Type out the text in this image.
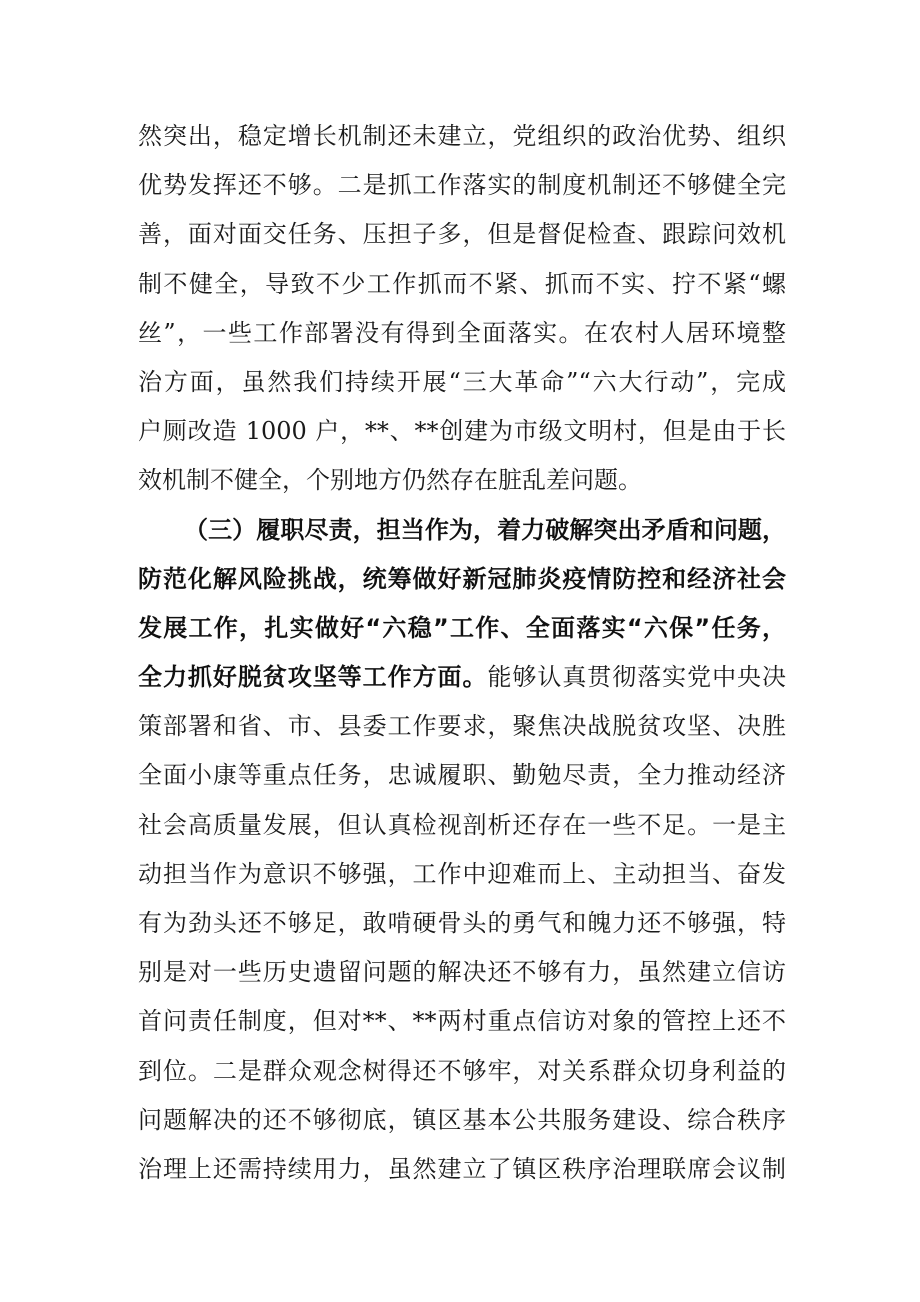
然突出，稳定增长机制还未建立，党组织的政治优势、组织
优势发挥还不够。二是抓工作落实的制度机制还不够健全完
善，面对面交任务、压担子多，但是督促检查、跟踪问效机
制不健全，导致不少工作抓而不紧、抓而不实、拧不紧“螺
丝”，一些工作部署没有得到全面落实。在农村人居环境整
治方面，虽然我们持续开展“三大革命”“六大行动”，完成
户厕改造 1000 户，**、**创建为市级文明村，但是由于长
效机制不健全，个别地方仍然存在脏乱差问题。
（三）履职尽责，担当作为，着力破解突出矛盾和问题，
防范化解风险挑战，统筹做好新冠肺炎疫情防控和经济社会
发展工作，扎实做好“六稳”工作、全面落实“六保”任务，
全力抓好脱贫攻坚等工作方面。能够认真贯彻落实党中央决
策部署和省、市、县委工作要求，聚焦决战脱贫攻坚、决胜
全面小康等重点任务，忠诚履职、勤勉尽责，全力推动经济
社会高质量发展，但认真检视剖析还存在一些不足。一是主
动担当作为意识不够强，工作中迎难而上、主动担当、奋发
有为劲头还不够足，敢啃硬骨头的勇气和魄力还不够强，特
别是对一些历史遗留问题的解决还不够有力，虽然建立信访
首问责任制度，但对**、**两村重点信访对象的管控上还不
到位。二是群众观念树得还不够牢，对关系群众切身利益的
问题解决的还不够彻底，镇区基本公共服务建设、综合秩序
治理上还需持续用力，虽然建立了镇区秩序治理联席会议制
